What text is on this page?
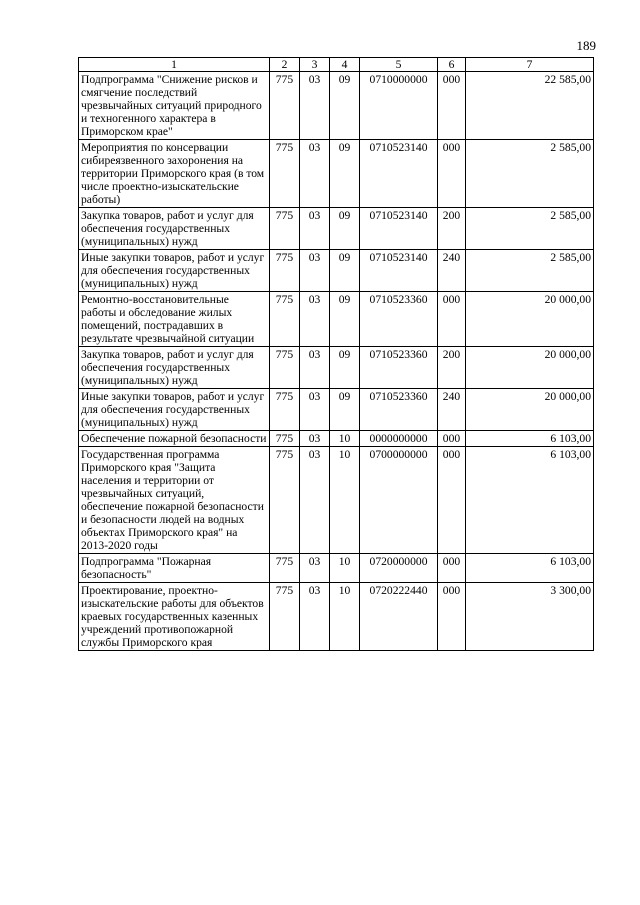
189
1	2	3	4	5	6	7
Подпрограмма "Снижение рисков и смягчение последствий чрезвычайных ситуаций природного и техногенного характера в Приморском крае"	775	03	09	0710000000	000	22 585,00
Мероприятия по консервации сибиреязвенного захоронения на территории Приморского края (в том числе проектно-изыскательские работы)	775	03	09	0710523140	000	2 585,00
Закупка товаров, работ и услуг для обеспечения государственных (муниципальных) нужд	775	03	09	0710523140	200	2 585,00
Иные закупки товаров, работ и услуг для обеспечения государственных (муниципальных) нужд	775	03	09	0710523140	240	2 585,00
Ремонтно-восстановительные работы и обследование жилых помещений, пострадавших в результате чрезвычайной ситуации	775	03	09	0710523360	000	20 000,00
Закупка товаров, работ и услуг для обеспечения государственных (муниципальных) нужд	775	03	09	0710523360	200	20 000,00
Иные закупки товаров, работ и услуг для обеспечения государственных (муниципальных) нужд	775	03	09	0710523360	240	20 000,00
Обеспечение пожарной безопасности	775	03	10	0000000000	000	6 103,00
Государственная программа Приморского края "Защита населения и территории от чрезвычайных ситуаций, обеспечение пожарной безопасности и безопасности людей на водных объектах Приморского края" на 2013-2020 годы	775	03	10	0700000000	000	6 103,00
Подпрограмма "Пожарная безопасность"	775	03	10	0720000000	000	6 103,00
Проектирование, проектно-изыскательские работы для объектов краевых государственных казенных учреждений противопожарной службы Приморского края	775	03	10	0720222440	000	3 300,00
